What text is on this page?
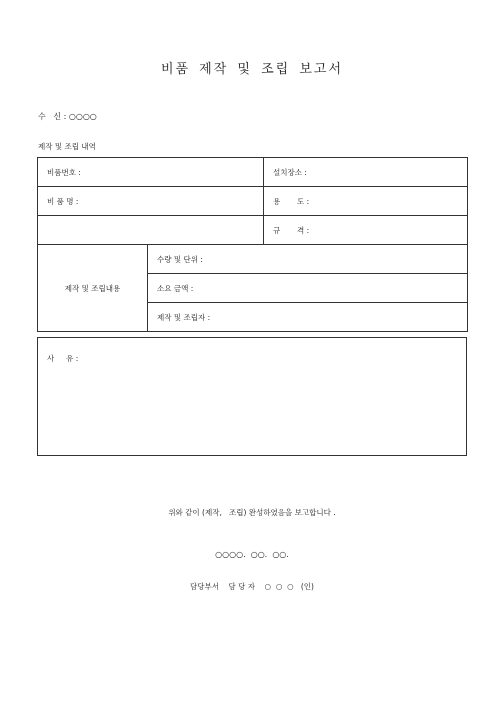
비품 제작 및 조립 보고서
수   신 : ○○○○
제작 및 조립 내역
비품번호 :		설치장소 :
비 품 명 :		용       도 :
		규       격 :
제작 및 조립내용	수량 및 단위 :	
	소요 금액 :	
	제작 및 조립자 :	
사     유 :
위와 같이 (제작,   조립) 완성하였음을 보고합니다 .
○○○○.  ○○.  ○○.
담당부서    담 당 자    ○  ○  ○   (인)
